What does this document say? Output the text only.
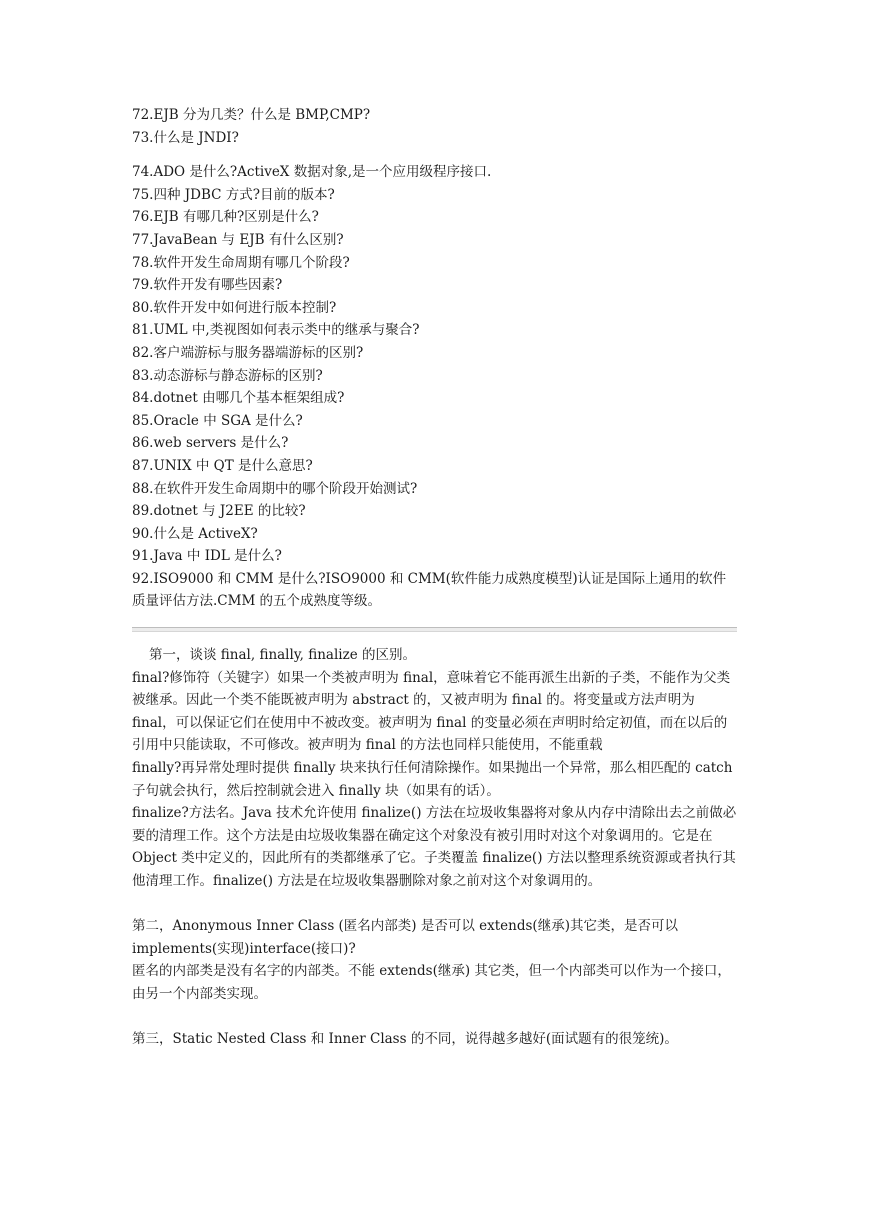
72.EJB 分为几类？什么是 BMP,CMP?
73.什么是 JNDI?
74.ADO 是什么?ActiveX 数据对象,是一个应用级程序接口.
75.四种 JDBC 方式?目前的版本?
76.EJB 有哪几种?区别是什么?
77.JavaBean 与 EJB 有什么区别?
78.软件开发生命周期有哪几个阶段?
79.软件开发有哪些因素?
80.软件开发中如何进行版本控制?
81.UML 中,类视图如何表示类中的继承与聚合?
82.客户端游标与服务器端游标的区别?
83.动态游标与静态游标的区别?
84.dotnet 由哪几个基本框架组成?
85.Oracle 中 SGA 是什么?
86.web servers 是什么?
87.UNIX 中 QT 是什么意思?
88.在软件开发生命周期中的哪个阶段开始测试?
89.dotnet 与 J2EE 的比较?
90.什么是 ActiveX?
91.Java 中 IDL 是什么?
92.ISO9000 和 CMM 是什么?ISO9000 和 CMM(软件能力成熟度模型)认证是国际上通用的软件质量评估方法.CMM 的五个成熟度等级。

第一，谈谈 final, finally, finalize 的区别。

final?修饰符（关键字）如果一个类被声明为 final，意味着它不能再派生出新的子类，不能作为父类被继承。因此一个类不能既被声明为 abstract 的，又被声明为 final 的。将变量或方法声明为 final，可以保证它们在使用中不被改变。被声明为 final 的变量必须在声明时给定初值，而在以后的引用中只能读取，不可修改。被声明为 final 的方法也同样只能使用，不能重载

finally?再异常处理时提供 finally 块来执行任何清除操作。如果抛出一个异常，那么相匹配的 catch 子句就会执行，然后控制就会进入 finally 块（如果有的话）。

finalize?方法名。Java 技术允许使用 finalize() 方法在垃圾收集器将对象从内存中清除出去之前做必要的清理工作。这个方法是由垃圾收集器在确定这个对象没有被引用时对这个对象调用的。它是在 Object 类中定义的，因此所有的类都继承了它。子类覆盖 finalize() 方法以整理系统资源或者执行其他清理工作。finalize() 方法是在垃圾收集器删除对象之前对这个对象调用的。

第二，Anonymous Inner Class (匿名内部类) 是否可以 extends(继承)其它类，是否可以 implements(实现)interface(接口)?

匿名的内部类是没有名字的内部类。不能 extends(继承) 其它类，但一个内部类可以作为一个接口，由另一个内部类实现。

第三，Static Nested Class 和 Inner Class 的不同，说得越多越好(面试题有的很笼统)。
